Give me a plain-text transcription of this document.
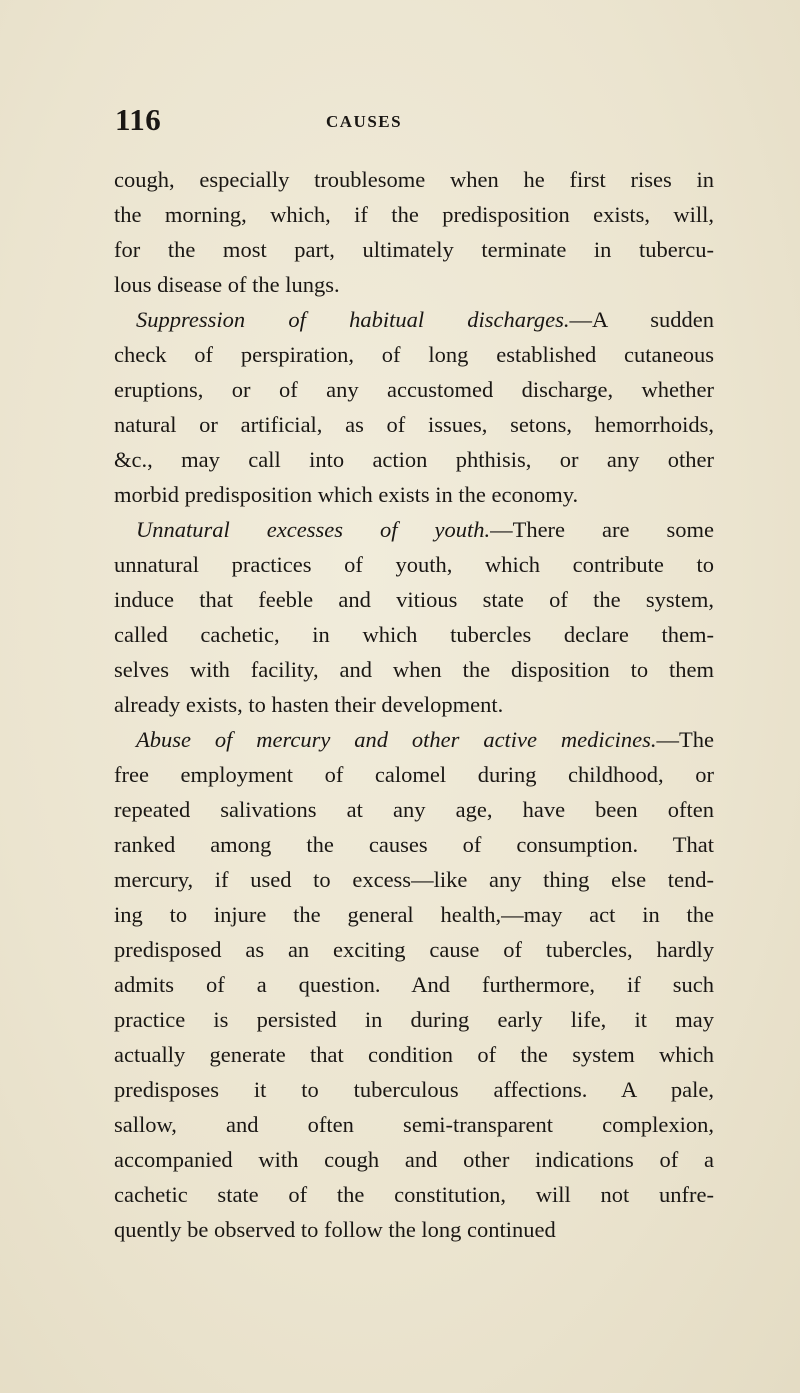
116	CAUSES
cough, especially troublesome when he first rises in
the morning, which, if the predisposition exists, will,
for the most part, ultimately terminate in tubercu-
lous disease of the lungs.
Suppression of habitual discharges.—A sudden
check of perspiration, of long established cutaneous
eruptions, or of any accustomed discharge, whether
natural or artificial, as of issues, setons, hemorrhoids,
&c., may call into action phthisis, or any other
morbid predisposition which exists in the economy.
Unnatural excesses of youth.—There are some
unnatural practices of youth, which contribute to
induce that feeble and vitious state of the system,
called cachetic, in which tubercles declare them-
selves with facility, and when the disposition to them
already exists, to hasten their development.
Abuse of mercury and other active medicines.—The
free employment of calomel during childhood, or
repeated salivations at any age, have been often
ranked among the causes of consumption. That
mercury, if used to excess—like any thing else tend-
ing to injure the general health,—may act in the
predisposed as an exciting cause of tubercles, hardly
admits of a question. And furthermore, if such
practice is persisted in during early life, it may
actually generate that condition of the system which
predisposes it to tuberculous affections. A pale,
sallow, and often semi-transparent complexion,
accompanied with cough and other indications of a
cachetic state of the constitution, will not unfre-
quently be observed to follow the long continued
